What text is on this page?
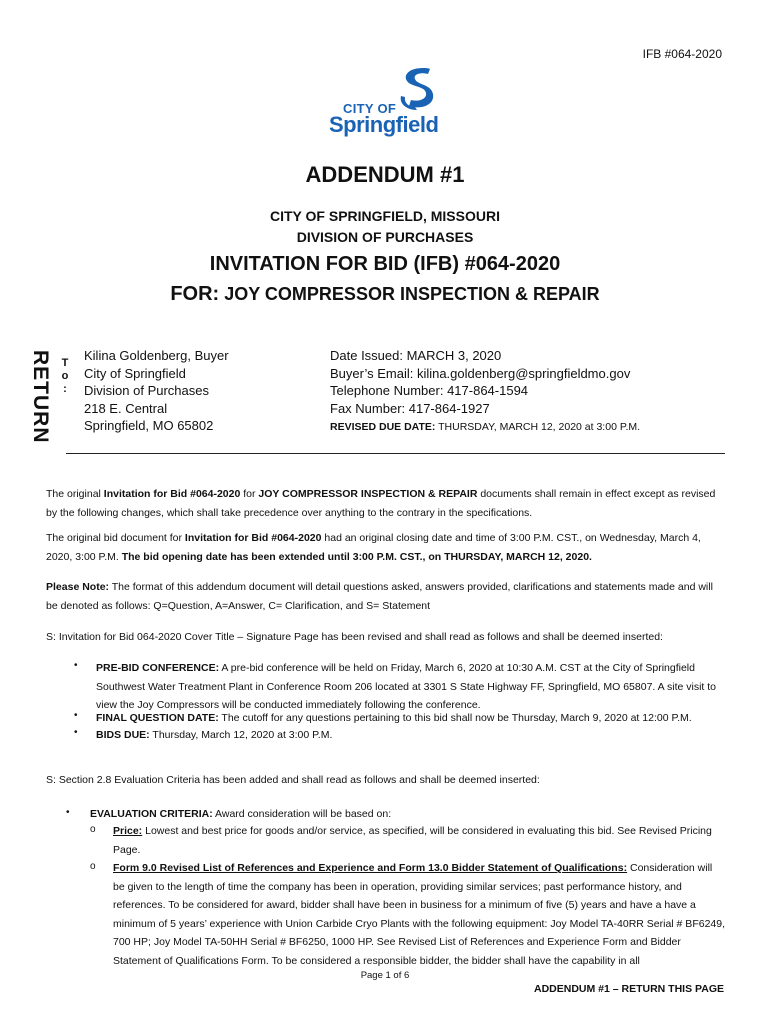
IFB #064-2020
CITY OF
Springfield
ADDENDUM #1
CITY OF SPRINGFIELD, MISSOURI
DIVISION OF PURCHASES
INVITATION FOR BID (IFB) #064-2020
FOR: JOY COMPRESSOR INSPECTION & REPAIR
RETURN T
o
:
Kilina Goldenberg, Buyer
City of Springfield
Division of Purchases
218 E. Central
Springfield, MO 65802
Date Issued: MARCH 3, 2020
Buyer’s Email: kilina.goldenberg@springfieldmo.gov
Telephone Number: 417-864-1594
Fax Number: 417-864-1927
REVISED DUE DATE: THURSDAY, MARCH 12, 2020 at 3:00 P.M.
The original Invitation for Bid #064-2020 for JOY COMPRESSOR INSPECTION & REPAIR documents shall remain in effect except as revised by the following changes, which shall take precedence over anything to the contrary in the specifications.
The original bid document for Invitation for Bid #064-2020 had an original closing date and time of 3:00 P.M. CST., on Wednesday, March 4, 2020, 3:00 P.M. The bid opening date has been extended until 3:00 P.M. CST., on THURSDAY, MARCH 12, 2020.
Please Note: The format of this addendum document will detail questions asked, answers provided, clarifications and statements made and will be denoted as follows: Q=Question, A=Answer, C= Clarification, and S= Statement
S: Invitation for Bid 064-2020 Cover Title – Signature Page has been revised and shall read as follows and shall be deemed inserted:
• PRE-BID CONFERENCE: A pre-bid conference will be held on Friday, March 6, 2020 at 10:30 A.M. CST at the City of Springfield Southwest Water Treatment Plant in Conference Room 206 located at 3301 S State Highway FF, Springfield, MO 65807. A site visit to view the Joy Compressors will be conducted immediately following the conference.
• FINAL QUESTION DATE: The cutoff for any questions pertaining to this bid shall now be Thursday, March 9, 2020 at 12:00 P.M.
• BIDS DUE: Thursday, March 12, 2020 at 3:00 P.M.
S: Section 2.8 Evaluation Criteria has been added and shall read as follows and shall be deemed inserted:
• EVALUATION CRITERIA: Award consideration will be based on:
o Price: Lowest and best price for goods and/or service, as specified, will be considered in evaluating this bid. See Revised Pricing Page.
o Form 9.0 Revised List of References and Experience and Form 13.0 Bidder Statement of Qualifications: Consideration will be given to the length of time the company has been in operation, providing similar services; past performance history, and references. To be considered for award, bidder shall have been in business for a minimum of five (5) years and have a have a minimum of 5 years’ experience with Union Carbide Cryo Plants with the following equipment: Joy Model TA-40RR Serial # BF6249, 700 HP; Joy Model TA-50HH Serial # BF6250, 1000 HP. See Revised List of References and Experience Form and Bidder Statement of Qualifications Form. To be considered a responsible bidder, the bidder shall have the capability in all
Page 1 of 6
ADDENDUM #1 – RETURN THIS PAGE
